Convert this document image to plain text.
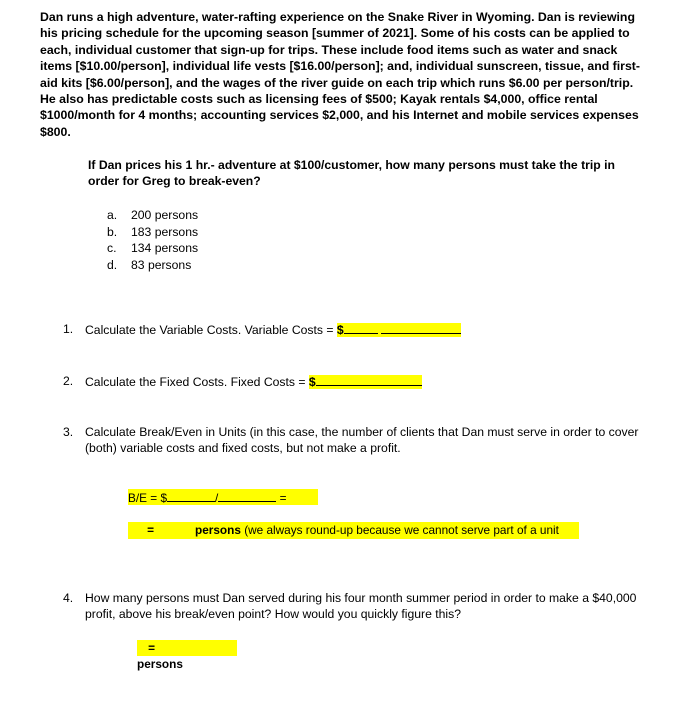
Dan runs a high adventure, water-rafting experience on the Snake River in Wyoming. Dan is reviewing his pricing schedule for the upcoming season [summer of 2021]. Some of his costs can be applied to each, individual customer that sign-up for trips. These include food items such as water and snack items [$10.00/person], individual life vests [$16.00/person]; and, individual sunscreen, tissue, and first-aid kits [$6.00/person], and the wages of the river guide on each trip which runs $6.00 per person/trip. He also has predictable costs such as licensing fees of $500; Kayak rentals $4,000, office rental $1000/month for 4 months; accounting services $2,000, and his Internet and mobile services expenses $800.
If Dan prices his 1 hr.- adventure at $100/customer, how many persons must take the trip in order for Greg to break-even?
a.	200 persons
b.	183 persons
c.	134 persons
d.	83 persons
1. Calculate the Variable Costs. Variable Costs = $
2. Calculate the Fixed Costs. Fixed Costs = $
3. Calculate Break/Even in Units (in this case, the number of clients that Dan must serve in order to cover (both) variable costs and fixed costs, but not make a profit.
B/E = $	/	=
=	persons (we always round-up because we cannot serve part of a unit
4. How many persons must Dan served during his four month summer period in order to make a $40,000 profit, above his break/even point? How would you quickly figure this?
=persons
